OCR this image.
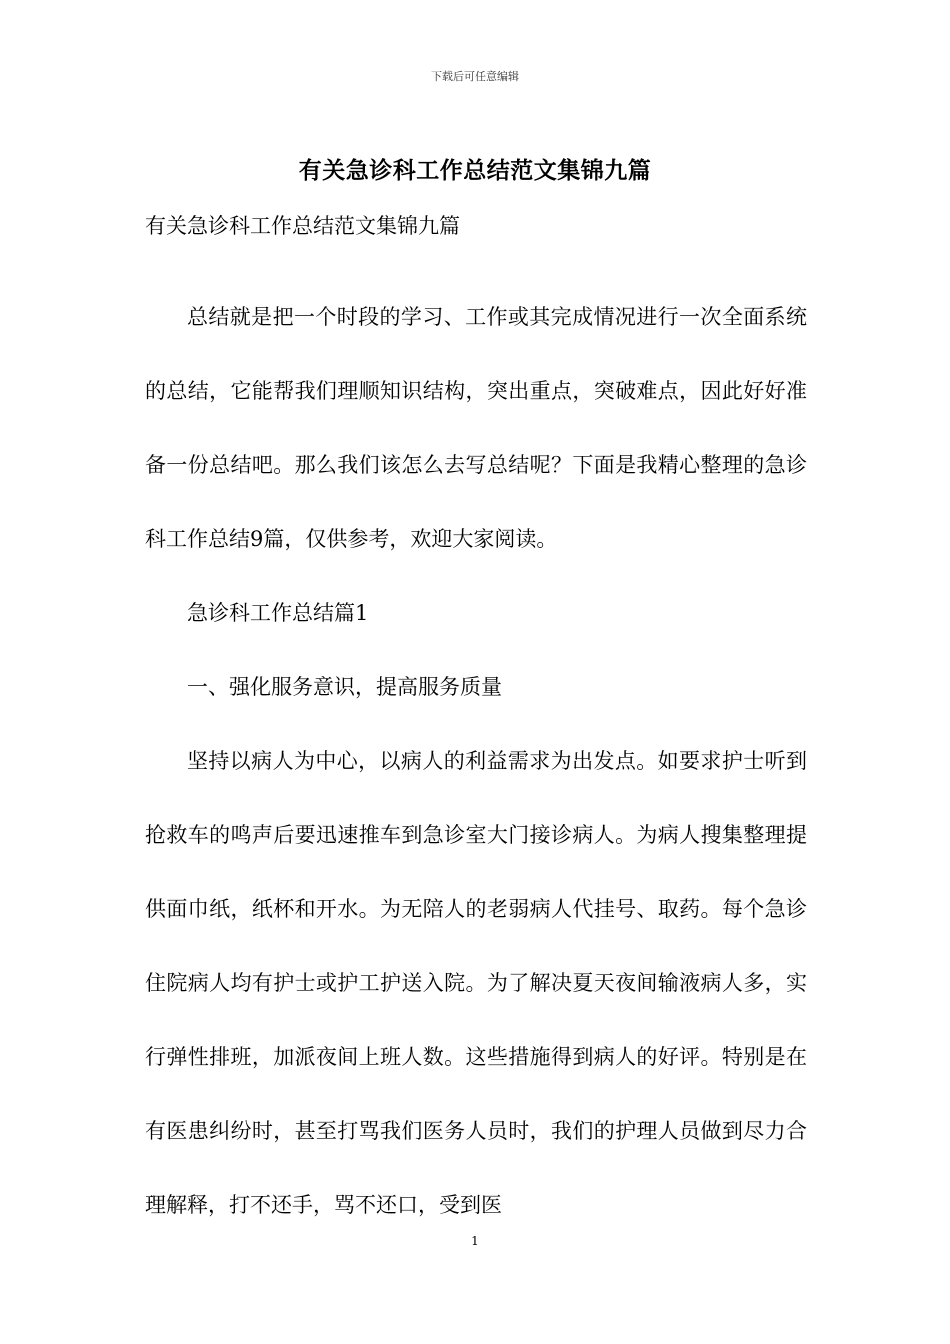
下载后可任意编辑
有关急诊科工作总结范文集锦九篇
有关急诊科工作总结范文集锦九篇

总结就是把一个时段的学习、工作或其完成情况进行一次全面系统的总结，它能帮我们理顺知识结构，突出重点，突破难点，因此好好准备一份总结吧。那么我们该怎么去写总结呢？下面是我精心整理的急诊科工作总结9篇，仅供参考，欢迎大家阅读。

急诊科工作总结篇1

一、强化服务意识，提高服务质量

坚持以病人为中心，以病人的利益需求为出发点。如要求护士听到抢救车的鸣声后要迅速推车到急诊室大门接诊病人。为病人搜集整理提供面巾纸，纸杯和开水。为无陪人的老弱病人代挂号、取药。每个急诊住院病人均有护士或护工护送入院。为了解决夏天夜间输液病人多，实行弹性排班，加派夜间上班人数。这些措施得到病人的好评。特别是在有医患纠纷时，甚至打骂我们医务人员时，我们的护理人员做到尽力合理解释，打不还手，骂不还口，受到医

1
